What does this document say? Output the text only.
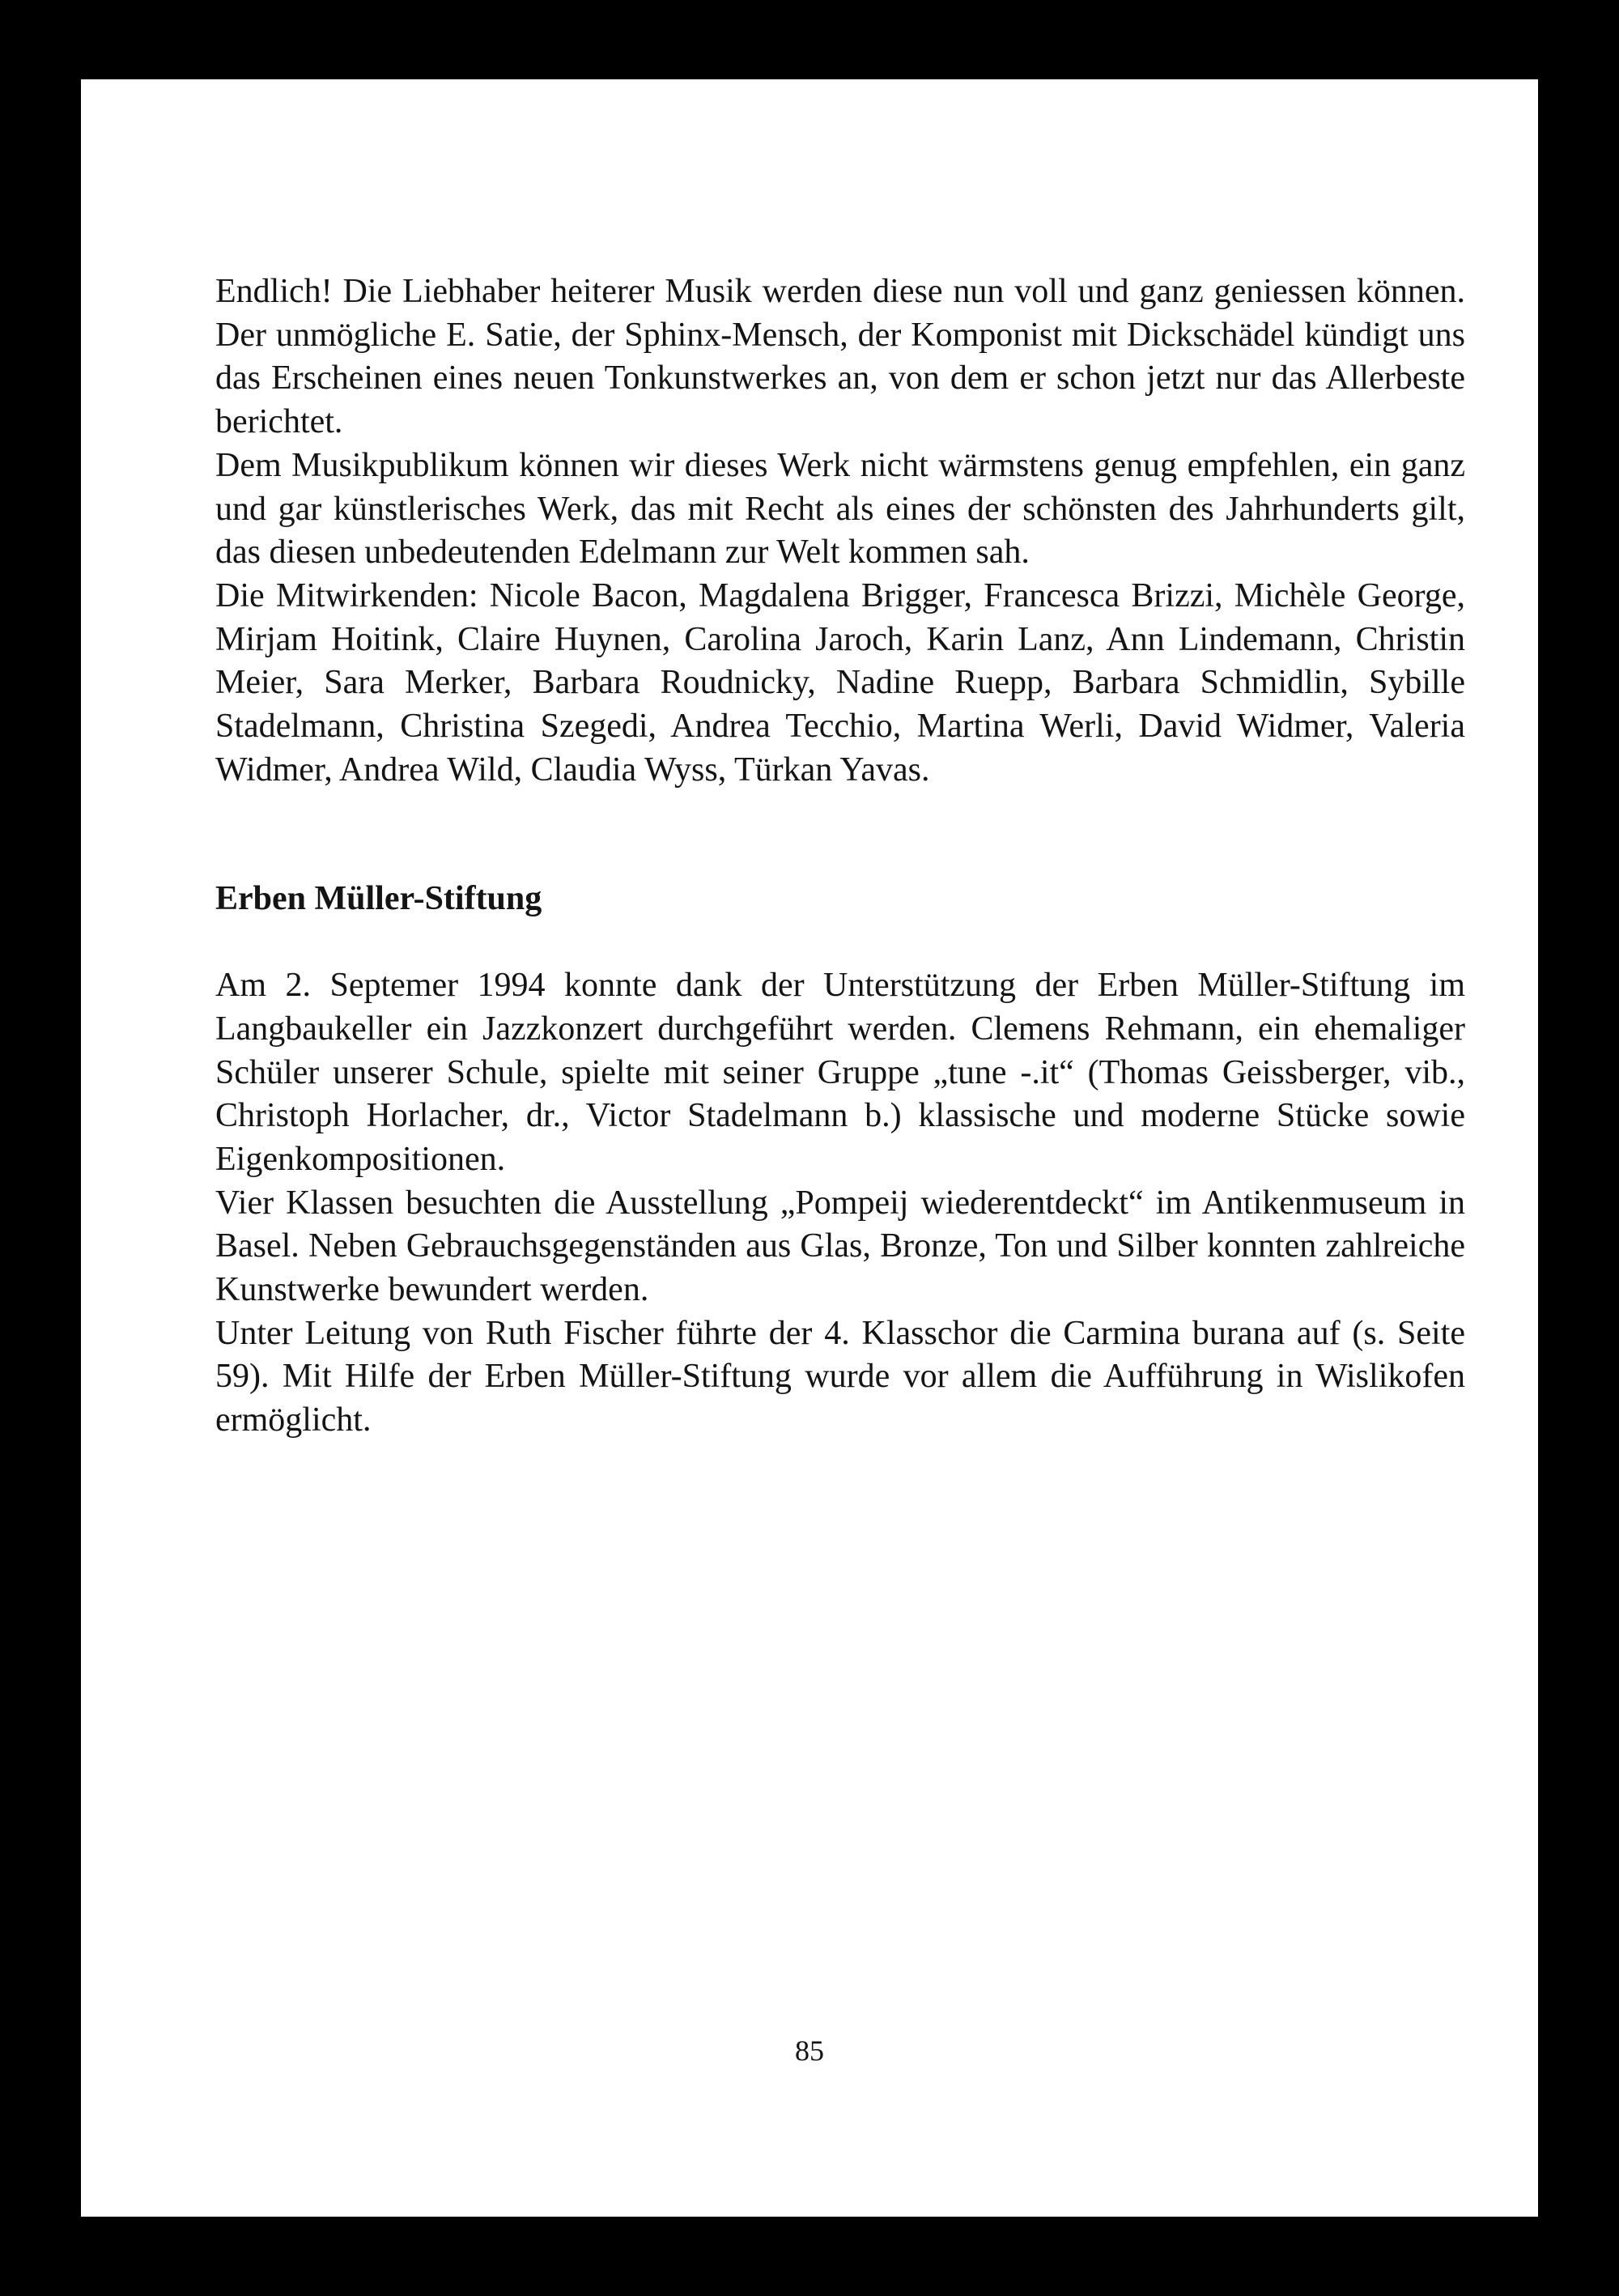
Endlich! Die Liebhaber heiterer Musik werden diese nun voll und ganz geniessen können. Der unmögliche E. Satie, der Sphinx-Mensch, der Komponist mit Dickschädel kündigt uns das Erscheinen eines neuen Tonkunstwerkes an, von dem er schon jetzt nur das Allerbeste berichtet.

Dem Musikpublikum können wir dieses Werk nicht wärmstens genug empfehlen, ein ganz und gar künstlerisches Werk, das mit Recht als eines der schönsten des Jahrhunderts gilt, das diesen unbedeutenden Edelmann zur Welt kommen sah.

Die Mitwirkenden: Nicole Bacon, Magdalena Brigger, Francesca Brizzi, Michèle George, Mirjam Hoitink, Claire Huynen, Carolina Jaroch, Karin Lanz, Ann Lindemann, Christin Meier, Sara Merker, Barbara Roudnicky, Nadine Ruepp, Barbara Schmidlin, Sybille Stadelmann, Christina Szegedi, Andrea Tecchio, Martina Werli, David Widmer, Valeria Widmer, Andrea Wild, Claudia Wyss, Türkan Yavas.

Erben Müller-Stiftung

Am 2. Septemer 1994 konnte dank der Unterstützung der Erben Müller-Stiftung im Langbaukeller ein Jazzkonzert durchgeführt werden. Clemens Rehmann, ein ehemaliger Schüler unserer Schule, spielte mit seiner Gruppe „tune -.it“ (Thomas Geissberger, vib., Christoph Horlacher, dr., Victor Stadelmann b.) klassische und moderne Stücke sowie Eigenkompositionen.

Vier Klassen besuchten die Ausstellung „Pompeij wiederentdeckt“ im Antikenmuseum in Basel. Neben Gebrauchsgegenständen aus Glas, Bronze, Ton und Silber konnten zahlreiche Kunstwerke bewundert werden.

Unter Leitung von Ruth Fischer führte der 4. Klasschor die Carmina burana auf (s. Seite 59). Mit Hilfe der Erben Müller-Stiftung wurde vor allem die Aufführung in Wislikofen ermöglicht.

85
